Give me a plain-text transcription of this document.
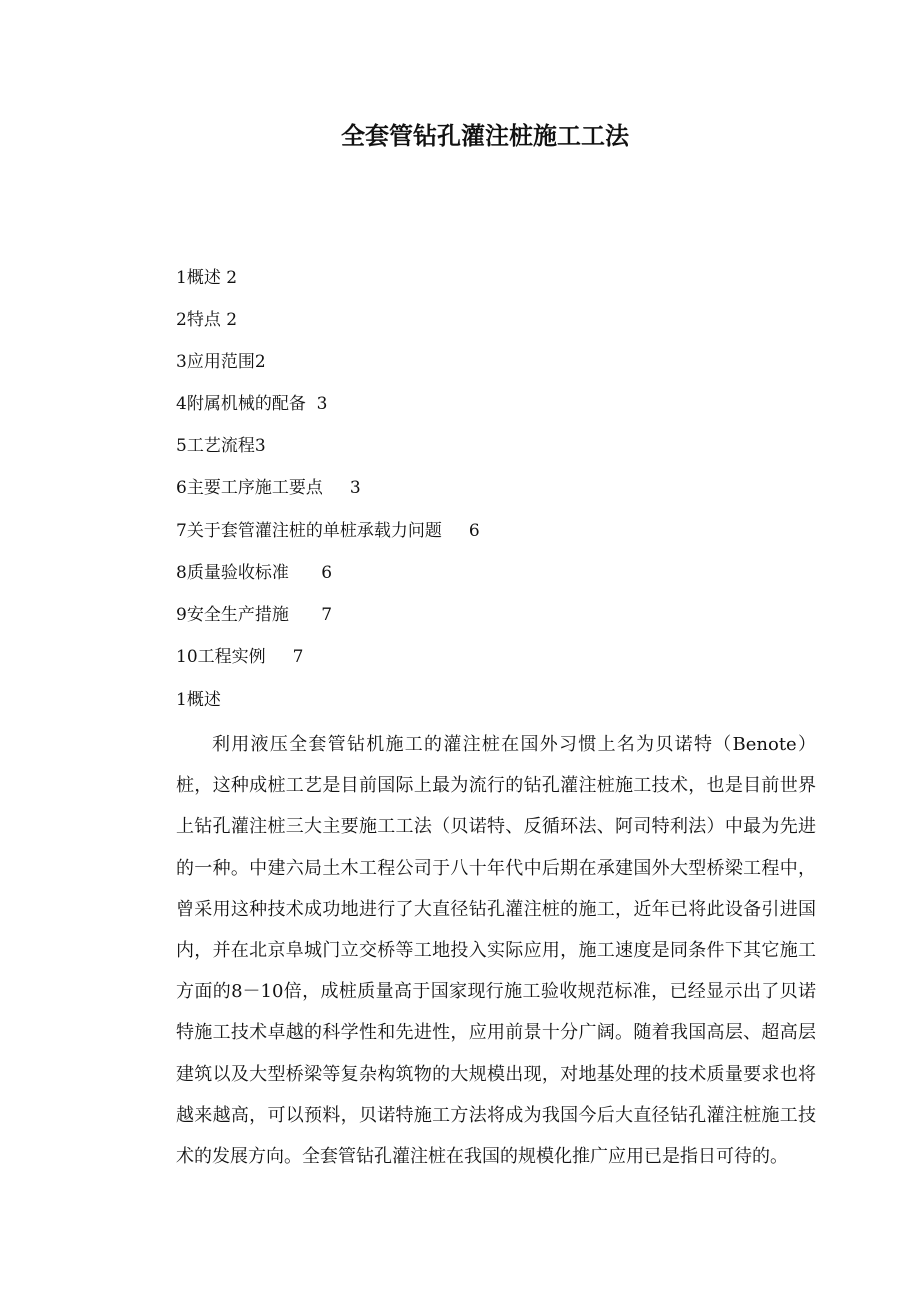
全套管钻孔灌注桩施工工法
1概述 2
2特点 2
3应用范围2
4附属机械的配备  3
5工艺流程3
6主要工序施工要点     3
7关于套管灌注桩的单桩承载力问题     6
8质量验收标准      6
9安全生产措施      7
10工程实例     7
1概述
利用液压全套管钻机施工的灌注桩在国外习惯上名为贝诺特（Benote）
桩，这种成桩工艺是目前国际上最为流行的钻孔灌注桩施工技术，也是目前世界
上钻孔灌注桩三大主要施工工法（贝诺特、反循环法、阿司特利法）中最为先进
的一种。中建六局土木工程公司于八十年代中后期在承建国外大型桥梁工程中，
曾采用这种技术成功地进行了大直径钻孔灌注桩的施工，近年已将此设备引进国
内，并在北京阜城门立交桥等工地投入实际应用，施工速度是同条件下其它施工
方面的8－10倍，成桩质量高于国家现行施工验收规范标准，已经显示出了贝诺
特施工技术卓越的科学性和先进性，应用前景十分广阔。随着我国高层、超高层
建筑以及大型桥梁等复杂构筑物的大规模出现，对地基处理的技术质量要求也将
越来越高，可以预料，贝诺特施工方法将成为我国今后大直径钻孔灌注桩施工技
术的发展方向。全套管钻孔灌注桩在我国的规模化推广应用已是指日可待的。
